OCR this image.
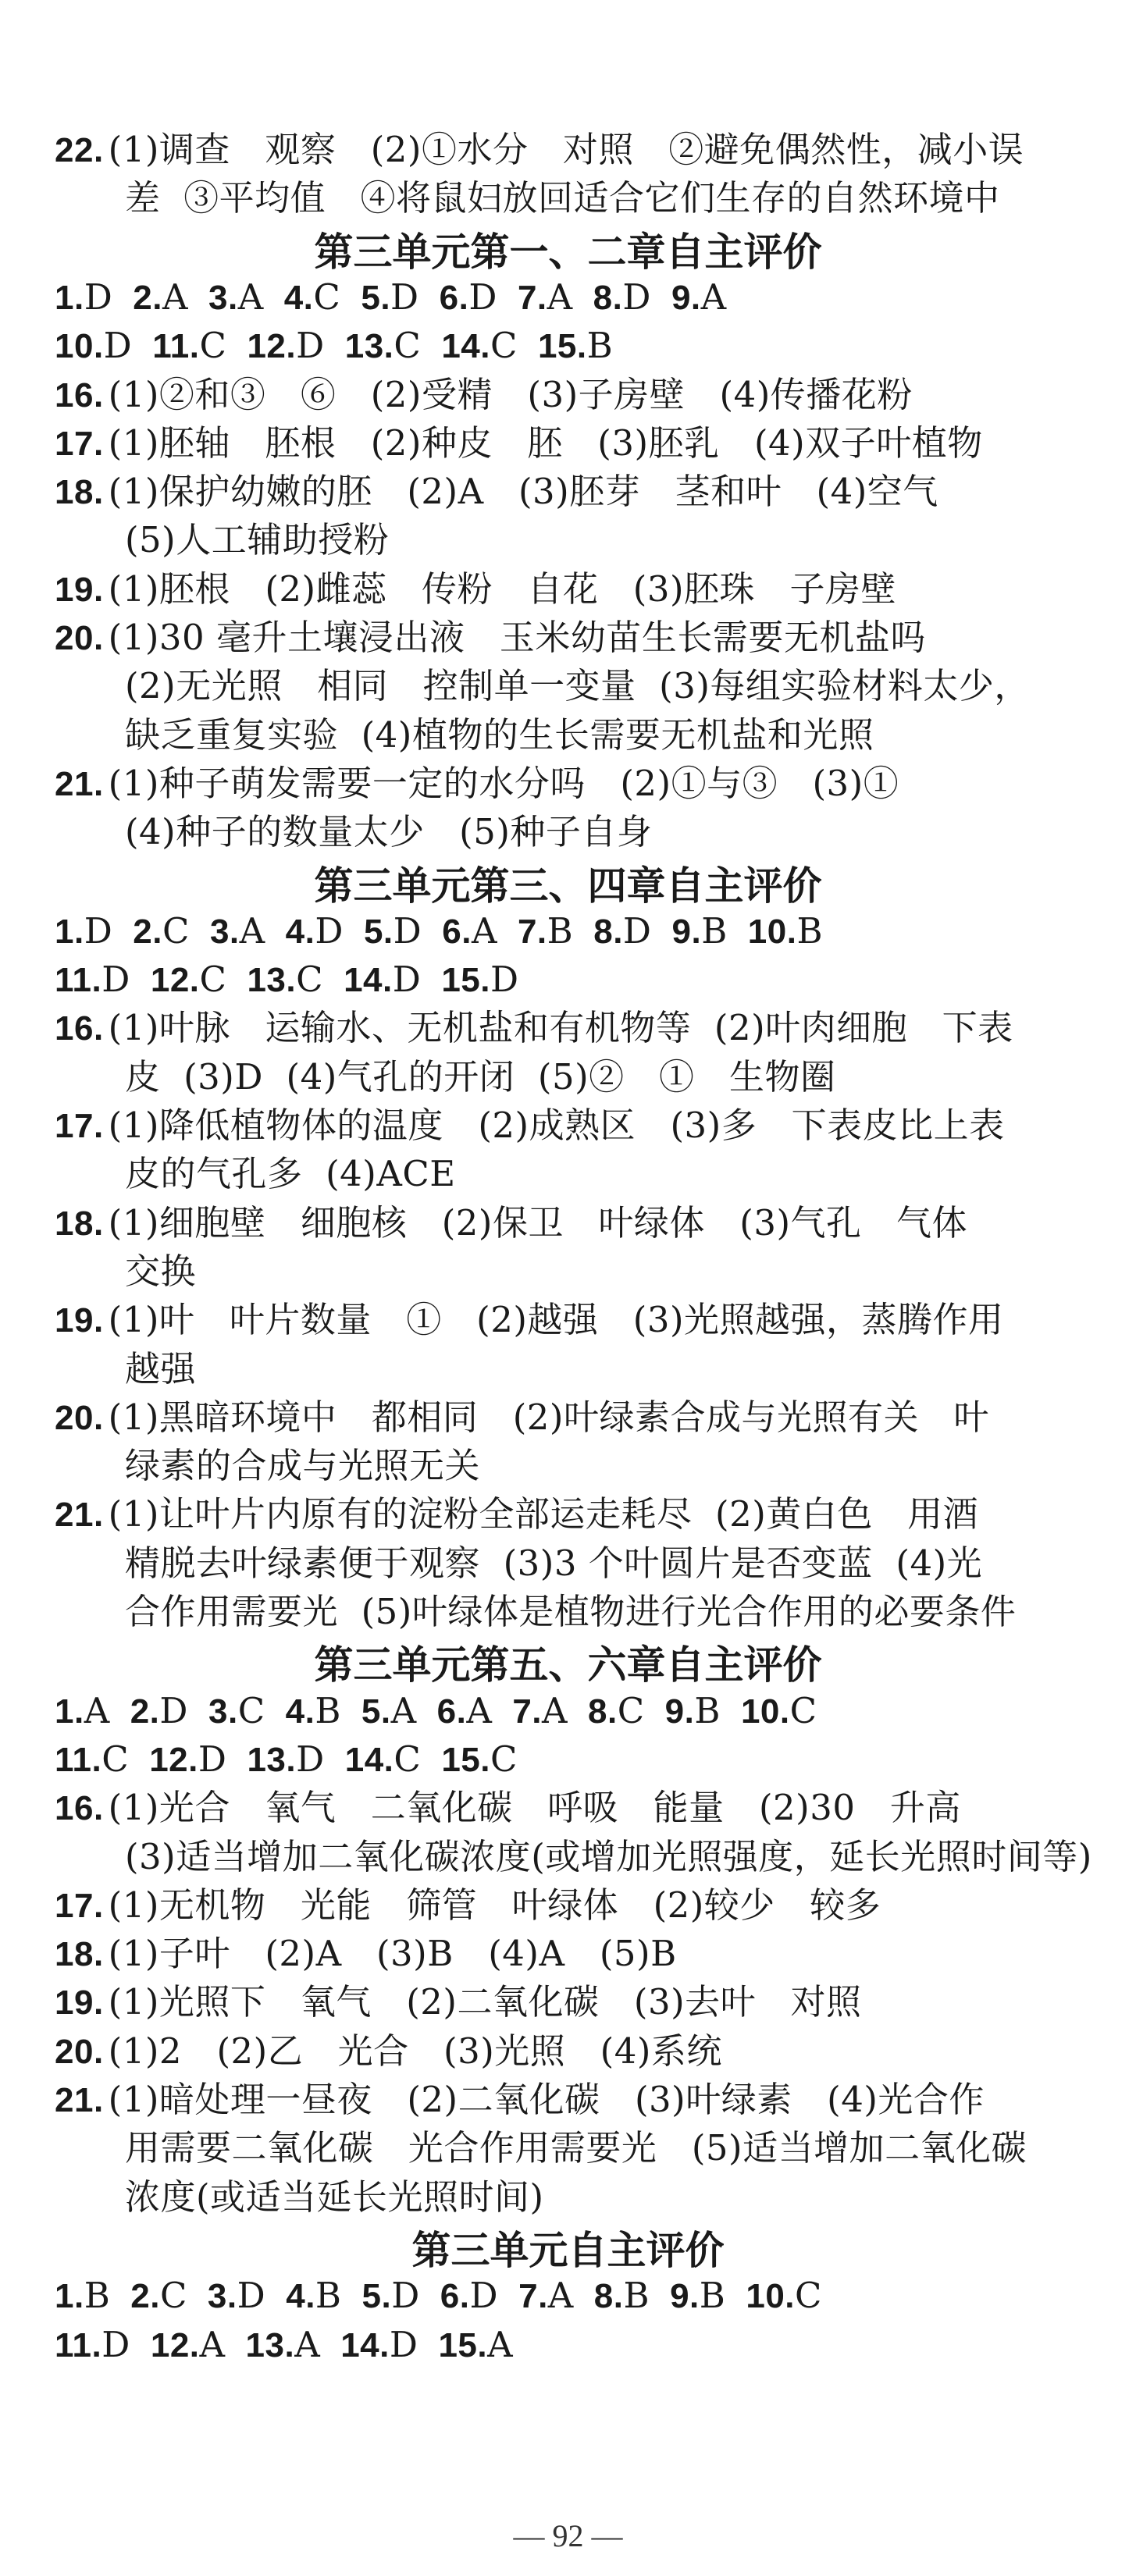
22. (1)调查   观察   (2)①水分   对照   ②避免偶然性，减小误
差  ③平均值   ④将鼠妇放回适合它们生存的自然环境中
第三单元第一、二章自主评价
1.D 2.A 3.A 4.C 5.D 6.D 7.A 8.D 9.A
10.D 11.C 12.D 13.C 14.C 15.B
16. (1)②和③   ⑥   (2)受精   (3)子房壁   (4)传播花粉
17. (1)胚轴   胚根   (2)种皮   胚   (3)胚乳   (4)双子叶植物
18. (1)保护幼嫩的胚   (2)A   (3)胚芽   茎和叶   (4)空气
(5)人工辅助授粉
19. (1)胚根   (2)雌蕊   传粉   自花   (3)胚珠   子房壁
20. (1)30 毫升土壤浸出液   玉米幼苗生长需要无机盐吗
(2)无光照   相同   控制单一变量  (3)每组实验材料太少，
缺乏重复实验  (4)植物的生长需要无机盐和光照
21. (1)种子萌发需要一定的水分吗   (2)①与③   (3)①
(4)种子的数量太少   (5)种子自身
第三单元第三、四章自主评价
1.D 2.C 3.A 4.D 5.D 6.A 7.B 8.D 9.B 10.B
11.D 12.C 13.C 14.D 15.D
16. (1)叶脉   运输水、无机盐和有机物等  (2)叶肉细胞   下表
皮  (3)D  (4)气孔的开闭  (5)②   ①   生物圈
17. (1)降低植物体的温度   (2)成熟区   (3)多   下表皮比上表
皮的气孔多  (4)ACE
18. (1)细胞壁   细胞核   (2)保卫   叶绿体   (3)气孔   气体
交换
19. (1)叶   叶片数量   ①   (2)越强   (3)光照越强，蒸腾作用
越强
20. (1)黑暗环境中   都相同   (2)叶绿素合成与光照有关   叶
绿素的合成与光照无关
21. (1)让叶片内原有的淀粉全部运走耗尽  (2)黄白色   用酒
精脱去叶绿素便于观察  (3)3 个叶圆片是否变蓝  (4)光
合作用需要光  (5)叶绿体是植物进行光合作用的必要条件
第三单元第五、六章自主评价
1.A 2.D 3.C 4.B 5.A 6.A 7.A 8.C 9.B 10.C
11.C 12.D 13.D 14.C 15.C
16. (1)光合   氧气   二氧化碳   呼吸   能量   (2)30   升高
(3)适当增加二氧化碳浓度(或增加光照强度，延长光照时间等)
17. (1)无机物   光能   筛管   叶绿体   (2)较少   较多
18. (1)子叶   (2)A   (3)B   (4)A   (5)B
19. (1)光照下   氧气   (2)二氧化碳   (3)去叶   对照
20. (1)2   (2)乙   光合   (3)光照   (4)系统
21. (1)暗处理一昼夜   (2)二氧化碳   (3)叶绿素   (4)光合作
用需要二氧化碳   光合作用需要光   (5)适当增加二氧化碳
浓度(或适当延长光照时间)
第三单元自主评价
1.B 2.C 3.D 4.B 5.D 6.D 7.A 8.B 9.B 10.C
11.D 12.A 13.A 14.D 15.A
— 92 —
